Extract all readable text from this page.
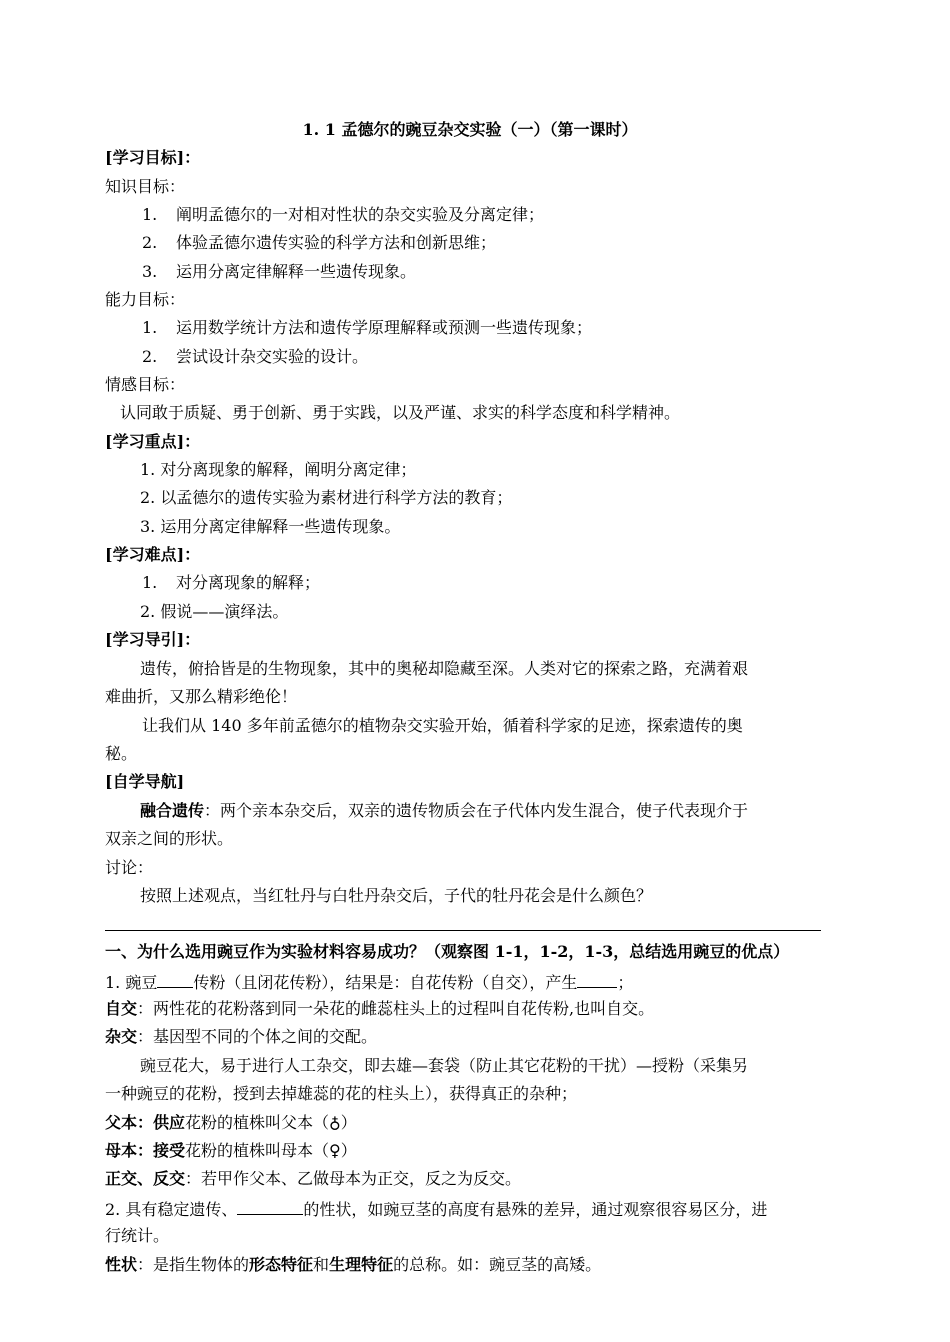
1. 1 孟德尔的豌豆杂交实验（一）（第一课时）
[学习目标]：
知识目标：
1. 阐明孟德尔的一对相对性状的杂交实验及分离定律；
2. 体验孟德尔遗传实验的科学方法和创新思维；
3. 运用分离定律解释一些遗传现象。
能力目标：
1. 运用数学统计方法和遗传学原理解释或预测一些遗传现象；
2. 尝试设计杂交实验的设计。
情感目标：
认同敢于质疑、勇于创新、勇于实践，以及严谨、求实的科学态度和科学精神。
[学习重点]：
1. 对分离现象的解释，阐明分离定律；
2. 以孟德尔的遗传实验为素材进行科学方法的教育；
3. 运用分离定律解释一些遗传现象。
[学习难点]：
1. 对分离现象的解释；
2. 假说——演绎法。
[学习导引]：
遗传，俯拾皆是的生物现象，其中的奥秘却隐藏至深。人类对它的探索之路，充满着艰
难曲折，又那么精彩绝伦！
让我们从 140 多年前孟德尔的植物杂交实验开始，循着科学家的足迹，探索遗传的奥
秘。
[自学导航]
融合遗传：两个亲本杂交后，双亲的遗传物质会在子代体内发生混合，使子代表现介于
双亲之间的形状。
讨论：
按照上述观点，当红牡丹与白牡丹杂交后，子代的牡丹花会是什么颜色？
一、为什么选用豌豆作为实验材料容易成功？（观察图 1-1，1-2，1-3，总结选用豌豆的优点）
1. 豌豆 传粉（且闭花传粉），结果是：自花传粉（自交），产生	；
自交：两性花的花粉落到同一朵花的雌蕊柱头上的过程叫自花传粉,也叫自交。
杂交：基因型不同的个体之间的交配。
豌豆花大，易于进行人工杂交，即去雄—套袋（防止其它花粉的干扰）—授粉（采集另
一种豌豆的花粉，授到去掉雄蕊的花的柱头上），获得真正的杂种；
父本：供应花粉的植株叫父本（♁）
母本：接受花粉的植株叫母本（♀）
正交、反交：若甲作父本、乙做母本为正交，反之为反交。
2. 具有稳定遗传、	的性状，如豌豆茎的高度有悬殊的差异，通过观察很容易区分，进
行统计。
性状：是指生物体的形态特征和生理特征的总称。如：豌豆茎的高矮。
